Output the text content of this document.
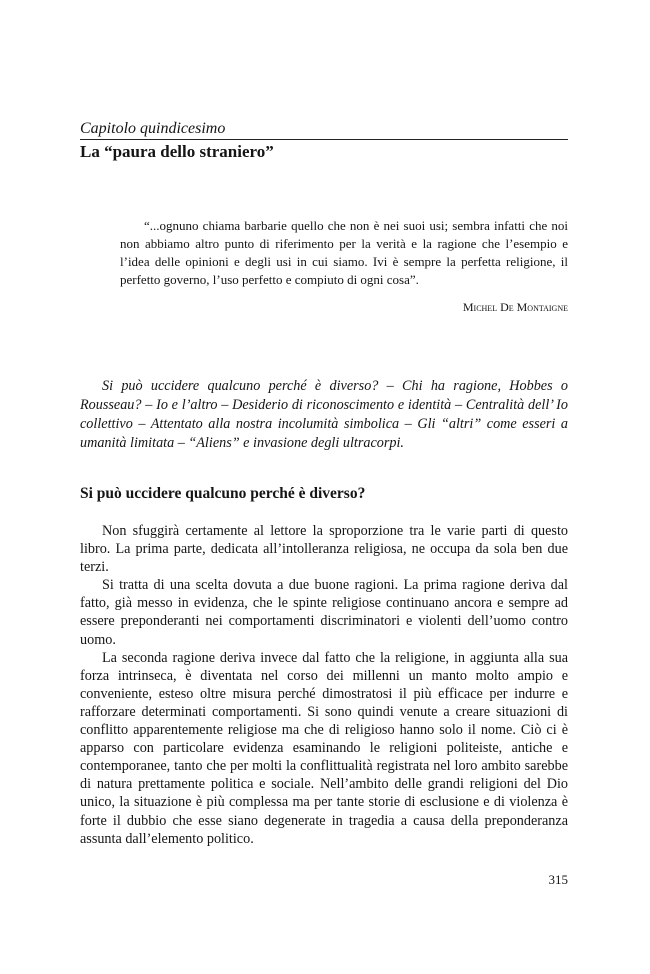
Capitolo quindicesimo
La “paura dello straniero”

“...ognuno chiama barbarie quello che non è nei suoi usi; sembra infatti che noi non abbiamo altro punto di riferimento per la verità e la ragione che l’esempio e l’idea delle opinioni e degli usi in cui siamo. Ivi è sempre la perfetta religione, il perfetto governo, l’uso perfetto e compiuto di ogni cosa”.

Michel De Montaigne

Si può uccidere qualcuno perché è diverso? – Chi ha ragione, Hobbes o Rousseau? – Io e l’altro – Desiderio di riconoscimento e identità – Centralità dell’ Io collettivo – Attentato alla nostra incolumità simbolica – Gli “altri” come esseri a umanità limitata – “Aliens” e invasione degli ultracorpi.

Si può uccidere qualcuno perché è diverso?

Non sfuggirà certamente al lettore la sproporzione tra le varie parti di questo libro. La prima parte, dedicata all’intolleranza religiosa, ne occupa da sola ben due terzi.

Si tratta di una scelta dovuta a due buone ragioni. La prima ragione deriva dal fatto, già messo in evidenza, che le spinte religiose continuano ancora e sempre ad essere preponderanti nei comportamenti discriminatori e violenti dell’uomo contro uomo.

La seconda ragione deriva invece dal fatto che la religione, in aggiunta alla sua forza intrinseca, è diventata nel corso dei millenni un manto molto ampio e conveniente, esteso oltre misura perché dimostratosi il più efficace per indurre e rafforzare determinati comportamenti. Si sono quindi venute a creare situazioni di conflitto apparentemente religiose ma che di religioso hanno solo il nome. Ciò ci è apparso con particolare evidenza esaminando le religioni politeiste, antiche e contemporanee, tanto che per molti la conflittualità registrata nel loro ambito sarebbe di natura prettamente politica e sociale. Nell’ambito delle grandi religioni del Dio unico, la situazione è più complessa ma per tante storie di esclusione e di violenza è forte il dubbio che esse siano degenerate in tragedia a causa della preponderanza assunta dall’elemento politico.

315
